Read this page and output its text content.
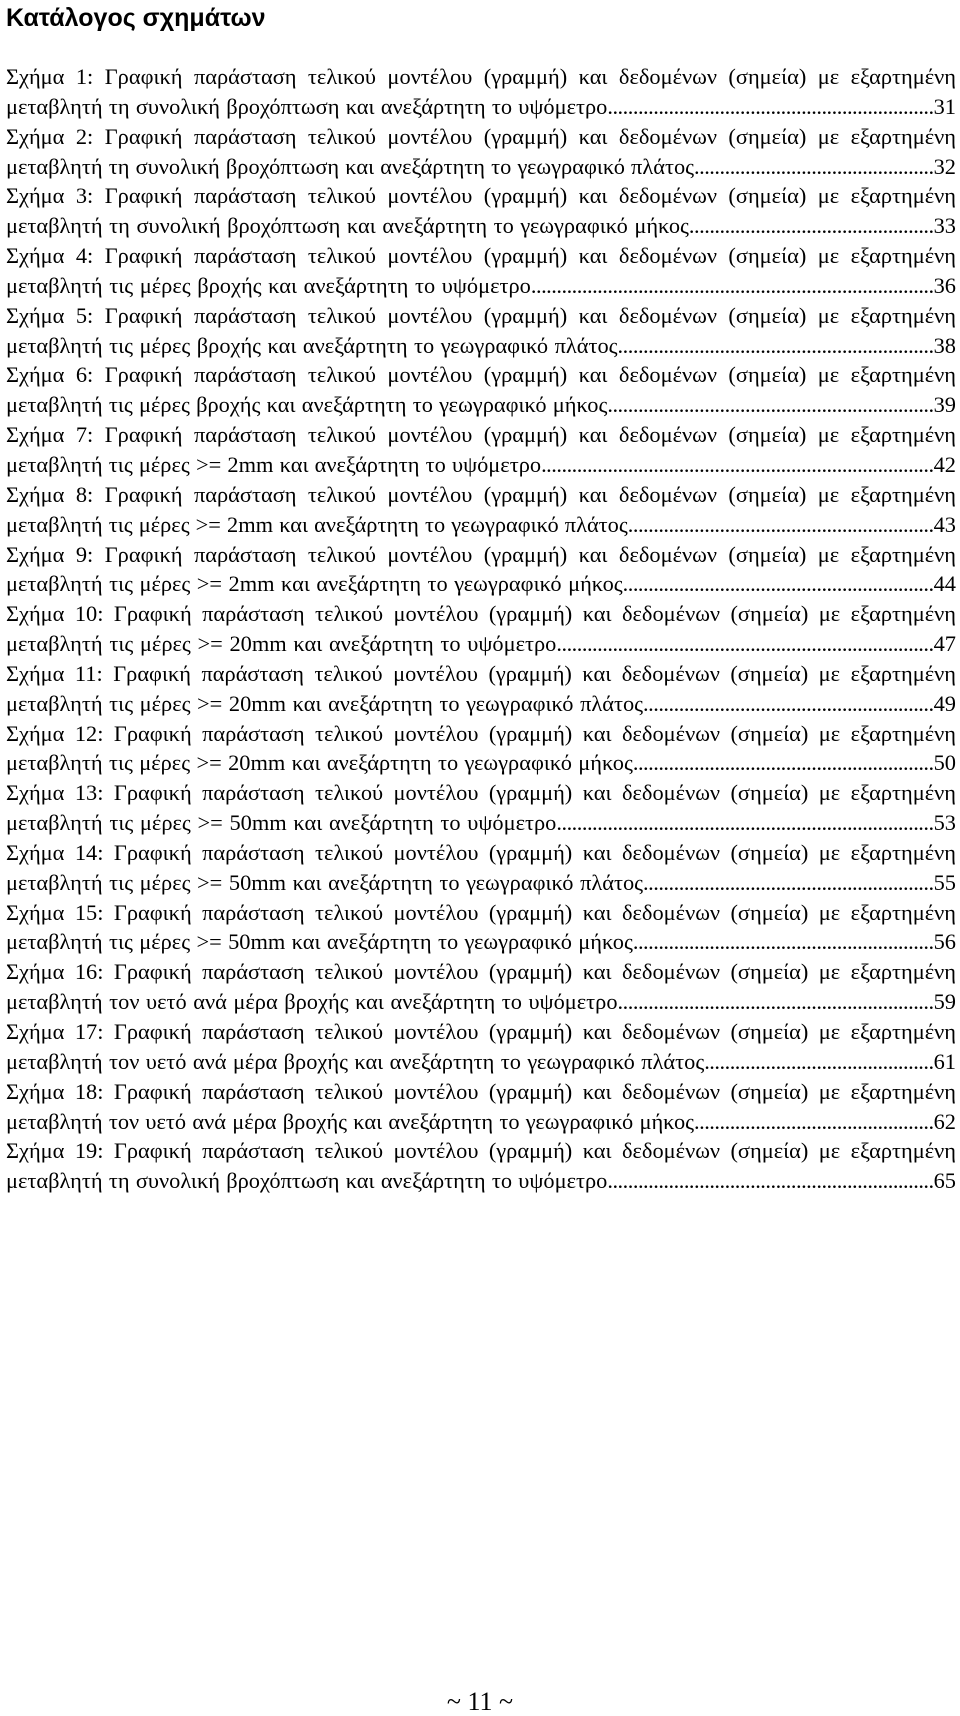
Κατάλογος σχημάτων

Σχήμα 1: Γραφική παράσταση τελικού μοντέλου (γραμμή) και δεδομένων (σημεία) με εξαρτημένη μεταβλητή τη συνολική βροχόπτωση και ανεξάρτητη το υψόμετρο................................................................31

Σχήμα 2: Γραφική παράσταση τελικού μοντέλου (γραμμή) και δεδομένων (σημεία) με εξαρτημένη μεταβλητή τη συνολική βροχόπτωση και ανεξάρτητη το γεωγραφικό πλάτος...............................................32

Σχήμα 3: Γραφική παράσταση τελικού μοντέλου (γραμμή) και δεδομένων (σημεία) με εξαρτημένη μεταβλητή τη συνολική βροχόπτωση και ανεξάρτητη το γεωγραφικό μήκος................................................33

Σχήμα 4: Γραφική παράσταση τελικού μοντέλου (γραμμή) και δεδομένων (σημεία) με εξαρτημένη μεταβλητή τις μέρες βροχής και ανεξάρτητη το υψόμετρο...............................................................................36

Σχήμα 5: Γραφική παράσταση τελικού μοντέλου (γραμμή) και δεδομένων (σημεία) με εξαρτημένη μεταβλητή τις μέρες βροχής και ανεξάρτητη το γεωγραφικό πλάτος..............................................................38

Σχήμα 6: Γραφική παράσταση τελικού μοντέλου (γραμμή) και δεδομένων (σημεία) με εξαρτημένη μεταβλητή τις μέρες βροχής και ανεξάρτητη το γεωγραφικό μήκος................................................................39

Σχήμα 7: Γραφική παράσταση τελικού μοντέλου (γραμμή) και δεδομένων (σημεία) με εξαρτημένη μεταβλητή τις μέρες >= 2mm και ανεξάρτητη το υψόμετρο.............................................................................42

Σχήμα 8: Γραφική παράσταση τελικού μοντέλου (γραμμή) και δεδομένων (σημεία) με εξαρτημένη μεταβλητή τις μέρες >= 2mm και ανεξάρτητη το γεωγραφικό πλάτος............................................................43

Σχήμα 9: Γραφική παράσταση τελικού μοντέλου (γραμμή) και δεδομένων (σημεία) με εξαρτημένη μεταβλητή τις μέρες >= 2mm και ανεξάρτητη το γεωγραφικό μήκος.............................................................44

Σχήμα 10: Γραφική παράσταση τελικού μοντέλου (γραμμή) και δεδομένων (σημεία) με εξαρτημένη μεταβλητή τις μέρες >= 20mm και ανεξάρτητη το υψόμετρο..........................................................................47

Σχήμα 11: Γραφική παράσταση τελικού μοντέλου (γραμμή) και δεδομένων (σημεία) με εξαρτημένη μεταβλητή τις μέρες >= 20mm και ανεξάρτητη το γεωγραφικό πλάτος.........................................................49

Σχήμα 12: Γραφική παράσταση τελικού μοντέλου (γραμμή) και δεδομένων (σημεία) με εξαρτημένη μεταβλητή τις μέρες >= 20mm και ανεξάρτητη το γεωγραφικό μήκος...........................................................50

Σχήμα 13: Γραφική παράσταση τελικού μοντέλου (γραμμή) και δεδομένων (σημεία) με εξαρτημένη μεταβλητή τις μέρες >= 50mm και ανεξάρτητη το υψόμετρο..........................................................................53

Σχήμα 14: Γραφική παράσταση τελικού μοντέλου (γραμμή) και δεδομένων (σημεία) με εξαρτημένη μεταβλητή τις μέρες >= 50mm και ανεξάρτητη το γεωγραφικό πλάτος.........................................................55

Σχήμα 15: Γραφική παράσταση τελικού μοντέλου (γραμμή) και δεδομένων (σημεία) με εξαρτημένη μεταβλητή τις μέρες >= 50mm και ανεξάρτητη το γεωγραφικό μήκος...........................................................56

Σχήμα 16: Γραφική παράσταση τελικού μοντέλου (γραμμή) και δεδομένων (σημεία) με εξαρτημένη μεταβλητή τον υετό ανά μέρα βροχής και ανεξάρτητη το υψόμετρο..............................................................59

Σχήμα 17: Γραφική παράσταση τελικού μοντέλου (γραμμή) και δεδομένων (σημεία) με εξαρτημένη μεταβλητή τον υετό ανά μέρα βροχής και ανεξάρτητη το γεωγραφικό πλάτος.............................................61

Σχήμα 18: Γραφική παράσταση τελικού μοντέλου (γραμμή) και δεδομένων (σημεία) με εξαρτημένη μεταβλητή τον υετό ανά μέρα βροχής και ανεξάρτητη το γεωγραφικό μήκος...............................................62

Σχήμα 19: Γραφική παράσταση τελικού μοντέλου (γραμμή) και δεδομένων (σημεία) με εξαρτημένη μεταβλητή τη συνολική βροχόπτωση και ανεξάρτητη το υψόμετρο................................................................65

~ 11 ~
